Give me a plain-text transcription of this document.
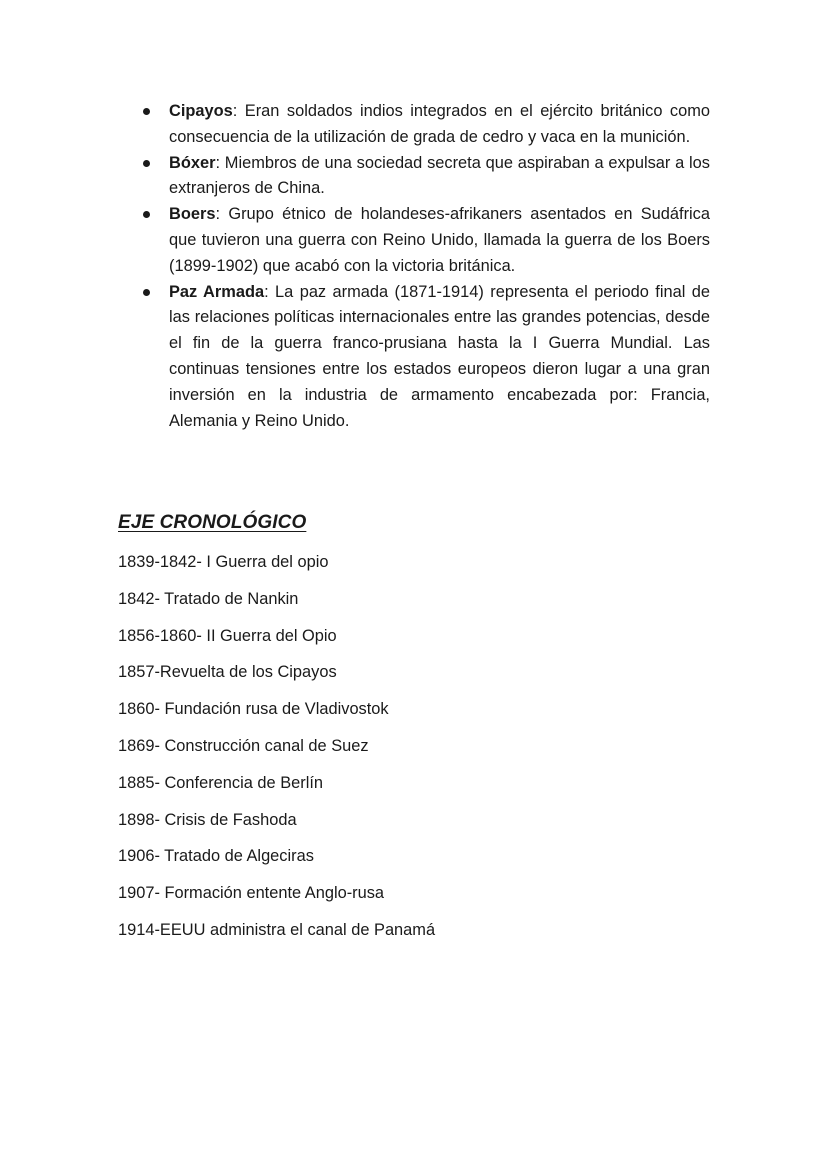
Cipayos: Eran soldados indios integrados en el ejército británico como consecuencia de la utilización de grada de cedro y vaca en la munición.
Bóxer: Miembros de una sociedad secreta que aspiraban a expulsar a los extranjeros de China.
Boers: Grupo étnico de holandeses-afrikaners asentados en Sudáfrica que tuvieron una guerra con Reino Unido, llamada la guerra de los Boers (1899-1902) que acabó con la victoria británica.
Paz Armada: La paz armada (1871-1914) representa el periodo final de las relaciones políticas internacionales entre las grandes potencias, desde el fin de la guerra franco-prusiana hasta la I Guerra Mundial. Las continuas tensiones entre los estados europeos dieron lugar a una gran inversión en la industria de armamento encabezada por: Francia, Alemania y Reino Unido.
EJE CRONOLÓGICO
1839-1842- I Guerra del opio
1842- Tratado de Nankin
1856-1860- II Guerra del Opio
1857-Revuelta de los Cipayos
1860- Fundación rusa de Vladivostok
1869- Construcción canal de Suez
1885- Conferencia de Berlín
1898- Crisis de Fashoda
1906- Tratado de Algeciras
1907- Formación entente Anglo-rusa
1914-EEUU administra el canal de Panamá
